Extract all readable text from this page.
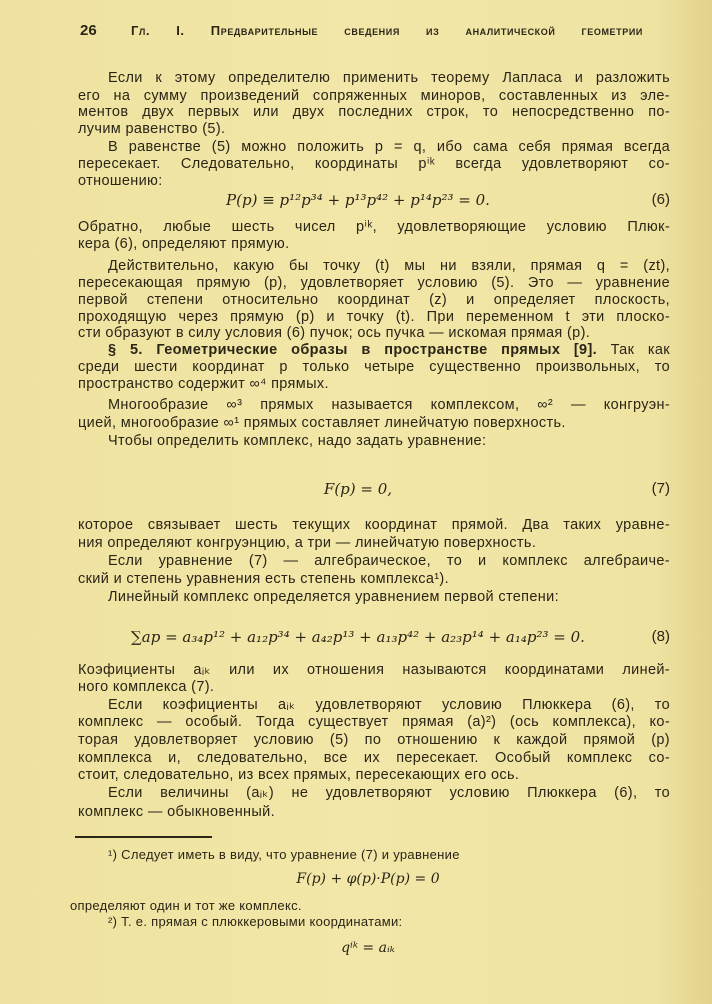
26	Гл. I. Предварительные сведения из аналитической геометрии
Если к этому определителю применить теорему Лапласа и разложить
его на сумму произведений сопряженных миноров, составленных из эле-
ментов двух первых или двух последних строк, то непосредственно по-
лучим равенство (5).
В равенстве (5) можно положить p = q, ибо сама себя прямая всегда
пересекает. Следовательно, координаты pⁱᵏ всегда удовлетворяют со-
отношению:
P(p) ≡ p¹²p³⁴ + p¹³p⁴² + p¹⁴p²³ = 0.	(6)
Обратно, любые шесть чисел pⁱᵏ, удовлетворяющие условию Плюк-
кера (6), определяют прямую.
Действительно, какую бы точку (t) мы ни взяли, прямая q = (zt),
пересекающая прямую (p), удовлетворяет условию (5). Это — уравнение
первой степени относительно координат (z) и определяет плоскость,
проходящую через прямую (p) и точку (t). При переменном t эти плоско-
сти образуют в силу условия (6) пучок; ось пучка — искомая прямая (p).
§ 5. Геометрические образы в пространстве прямых [9]. Так как
среди шести координат p только четыре существенно произвольных, то
пространство содержит ∞⁴ прямых.
Многообразие ∞³ прямых называется комплексом, ∞² — конгруэн-
цией, многообразие ∞¹ прямых составляет линейчатую поверхность.
Чтобы определить комплекс, надо задать уравнение:
F(p) = 0,	(7)
которое связывает шесть текущих координат прямой. Два таких уравне-
ния определяют конгруэнцию, а три — линейчатую поверхность.
Если уравнение (7) — алгебраическое, то и комплекс алгебраиче-
ский и степень уравнения есть степень комплекса¹).
Линейный комплекс определяется уравнением первой степени:
∑ap = a₃₄p¹² + a₁₂p³⁴ + a₄₂p¹³ + a₁₃p⁴² + a₂₃p¹⁴ + a₁₄p²³ = 0.	(8)
Коэфициенты aᵢₖ или их отношения называются координатами линей-
ного комплекса (7).
Если коэфициенты aᵢₖ удовлетворяют условию Плюккера (6), то
комплекс — особый. Тогда существует прямая (a)²) (ось комплекса), ко-
торая удовлетворяет условию (5) по отношению к каждой прямой (p)
комплекса и, следовательно, все их пересекает. Особый комплекс со-
стоит, следовательно, из всех прямых, пересекающих его ось.
Если величины (aᵢₖ) не удовлетворяют условию Плюккера (6), то
комплекс — обыкновенный.
¹) Следует иметь в виду, что уравнение (7) и уравнение
F(p) + φ(p)·P(p) = 0
определяют один и тот же комплекс.
²) Т. е. прямая с плюккеровыми координатами:
qⁱᵏ = aᵢₖ
